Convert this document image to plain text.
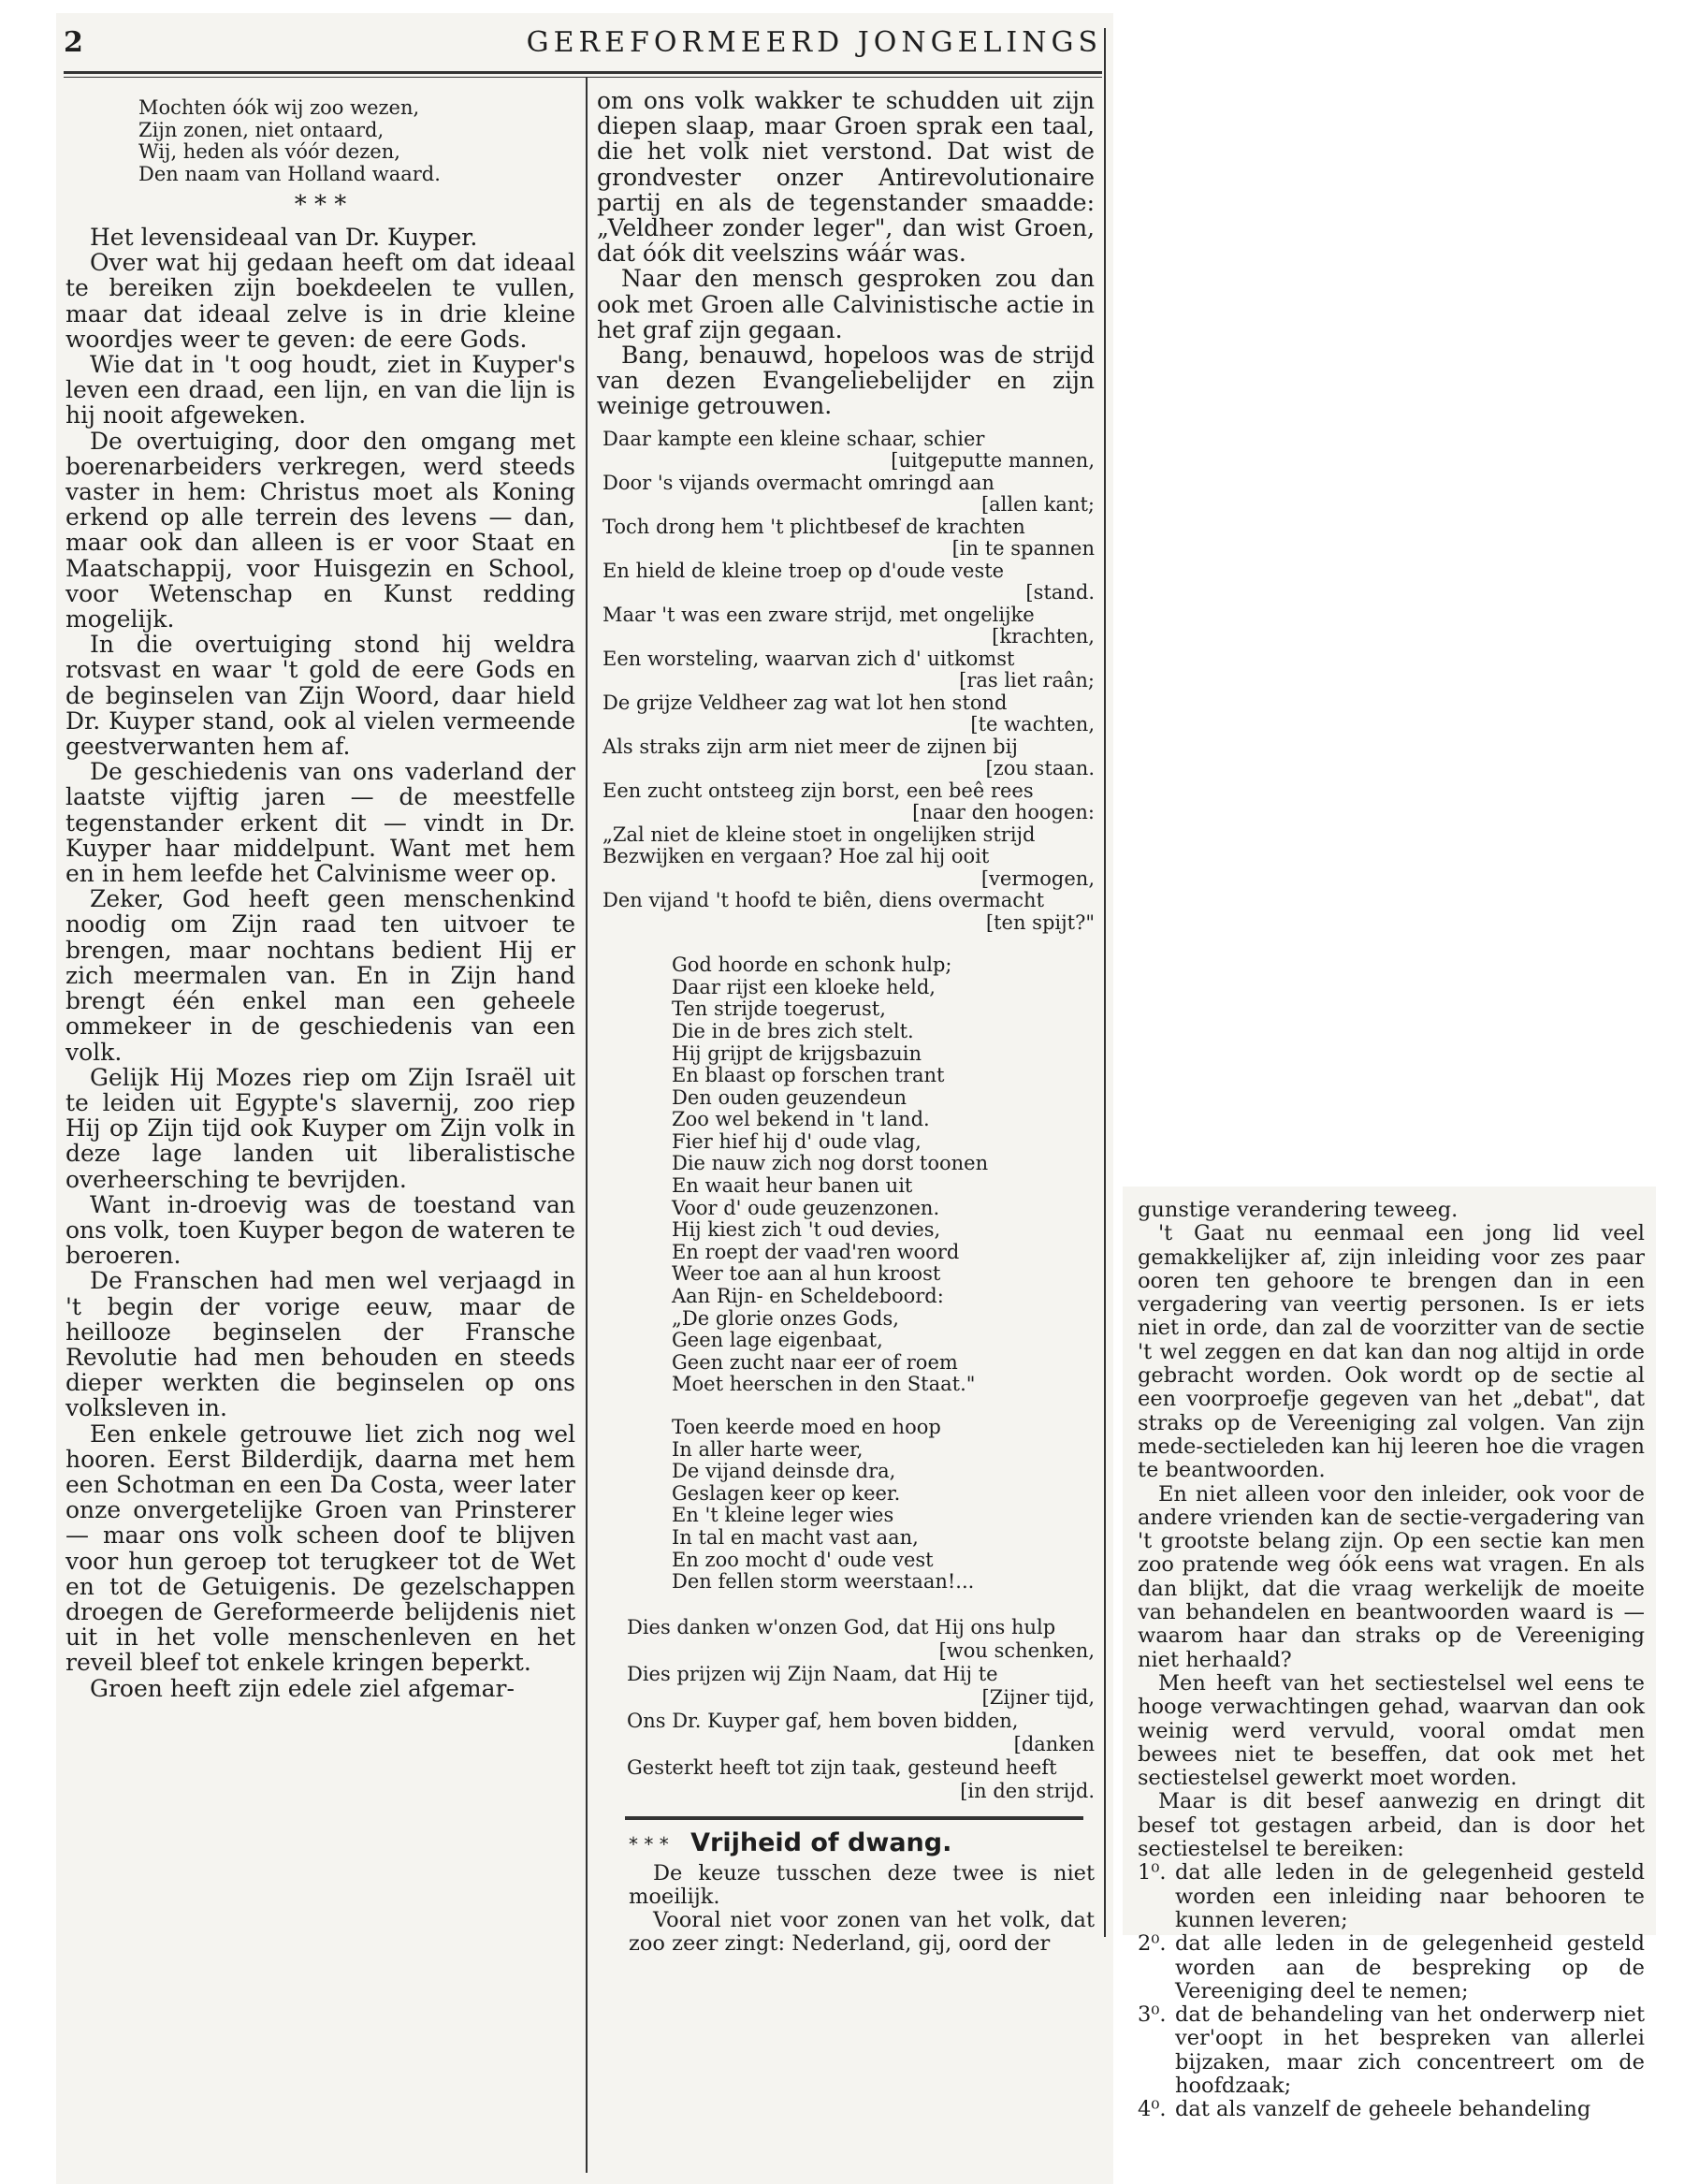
2	GEREFORMEERD JONGELINGS
Mochten óók wij zoo wezen,
Zijn zonen, niet ontaard,
Wij, heden als vóór dezen,
Den naam van Holland waard.
* * *

Het levensideaal van Dr. Kuyper.

Over wat hij gedaan heeft om dat ideaal te bereiken zijn boekdeelen te vullen, maar dat ideaal zelve is in drie kleine woordjes weer te geven: de eere Gods.

Wie dat in 't oog houdt, ziet in Kuyper's leven een draad, een lijn, en van die lijn is hij nooit afgeweken.

De overtuiging, door den omgang met boerenarbeiders verkregen, werd steeds vaster in hem: Christus moet als Koning erkend op alle terrein des levens — dan, maar ook dan alleen is er voor Staat en Maatschappij, voor Huisgezin en School, voor Wetenschap en Kunst redding mogelijk.

In die overtuiging stond hij weldra rotsvast en waar 't gold de eere Gods en de beginselen van Zijn Woord, daar hield Dr. Kuyper stand, ook al vielen vermeende geestverwanten hem af.

De geschiedenis van ons vaderland der laatste vijftig jaren — de meestfelle tegenstander erkent dit — vindt in Dr. Kuyper haar middelpunt. Want met hem en in hem leefde het Calvinisme weer op.

Zeker, God heeft geen menschenkind noodig om Zijn raad ten uitvoer te brengen, maar nochtans bedient Hij er zich meermalen van. En in Zijn hand brengt één enkel man een geheele ommekeer in de geschiedenis van een volk.

Gelijk Hij Mozes riep om Zijn Israël uit te leiden uit Egypte's slavernij, zoo riep Hij op Zijn tijd ook Kuyper om Zijn volk in deze lage landen uit liberalistische overheersching te bevrijden.

Want in-droevig was de toestand van ons volk, toen Kuyper begon de wateren te beroeren.

De Franschen had men wel verjaagd in 't begin der vorige eeuw, maar de heillooze beginselen der Fransche Revolutie had men behouden en steeds dieper werkten die beginselen op ons volksleven in.

Een enkele getrouwe liet zich nog wel hooren. Eerst Bilderdijk, daarna met hem een Schotman en een Da Costa, weer later onze onvergetelijke Groen van Prinsterer — maar ons volk scheen doof te blijven voor hun geroep tot terugkeer tot de Wet en tot de Getuigenis. De gezelschappen droegen de Gereformeerde belijdenis niet uit in het volle menschenleven en het reveil bleef tot enkele kringen beperkt.

Groen heeft zijn edele ziel afgemar-

om ons volk wakker te schudden uit zijn diepen slaap, maar Groen sprak een taal, die het volk niet verstond. Dat wist de grondvester onzer Antirevolutionaire partij en als de tegenstander smaadde: „Veldheer zonder leger", dan wist Groen, dat óók dit veelszins wáár was.

Naar den mensch gesproken zou dan ook met Groen alle Calvinistische actie in het graf zijn gegaan.

Bang, benauwd, hopeloos was de strijd van dezen Evangeliebelijder en zijn weinige getrouwen.

Daar kampte een kleine schaar, schier
[uitgeputte mannen,
Door 's vijands overmacht omringd aan
[allen kant;
Toch drong hem 't plichtbesef de krachten
[in te spannen
En hield de kleine troep op d'oude veste
[stand.
Maar 't was een zware strijd, met ongelijke
[krachten,
Een worsteling, waarvan zich d' uitkomst
[ras liet raân;
De grijze Veldheer zag wat lot hen stond
[te wachten,
Als straks zijn arm niet meer de zijnen bij
[zou staan.
Een zucht ontsteeg zijn borst, een beê rees
[naar den hoogen:
„Zal niet de kleine stoet in ongelijken strijd
Bezwijken en vergaan? Hoe zal hij ooit
[vermogen,
Den vijand 't hoofd te biên, diens overmacht
[ten spijt?"
God hoorde en schonk hulp;
Daar rijst een kloeke held,
Ten strijde toegerust,
Die in de bres zich stelt.
Hij grijpt de krijgsbazuin
En blaast op forschen trant
Den ouden geuzendeun
Zoo wel bekend in 't land.
Fier hief hij d' oude vlag,
Die nauw zich nog dorst toonen
En waait heur banen uit
Voor d' oude geuzenzonen.
Hij kiest zich 't oud devies,
En roept der vaad'ren woord
Weer toe aan al hun kroost
Aan Rijn- en Scheldeboord:
„De glorie onzes Gods,
Geen lage eigenbaat,
Geen zucht naar eer of roem
Moet heerschen in den Staat."
Toen keerde moed en hoop
In aller harte weer,
De vijand deinsde dra,
Geslagen keer op keer.
En 't kleine leger wies
In tal en macht vast aan,
En zoo mocht d' oude vest
Den fellen storm weerstaan!...
Dies danken w'onzen God, dat Hij ons hulp
[wou schenken,
Dies prijzen wij Zijn Naam, dat Hij te
[Zijner tijd,
Ons Dr. Kuyper gaf, hem boven bidden,
[danken
Gesterkt heeft tot zijn taak, gesteund heeft
[in den strijd.
* * * Vrijheid of dwang.

De keuze tusschen deze twee is niet moeilijk.

Vooral niet voor zonen van het volk, dat zoo zeer zingt: Nederland, gij, oord der

gunstige verandering teweeg.

't Gaat nu eenmaal een jong lid veel gemakkelijker af, zijn inleiding voor zes paar ooren ten gehoore te brengen dan in een vergadering van veertig personen. Is er iets niet in orde, dan zal de voorzitter van de sectie 't wel zeggen en dat kan dan nog altijd in orde gebracht worden. Ook wordt op de sectie al een voorproefje gegeven van het „debat", dat straks op de Vereeniging zal volgen. Van zijn mede-sectieleden kan hij leeren hoe die vragen te beantwoorden.

En niet alleen voor den inleider, ook voor de andere vrienden kan de sectie-vergadering van 't grootste belang zijn. Op een sectie kan men zoo pratende weg óók eens wat vragen. En als dan blijkt, dat die vraag werkelijk de moeite van behandelen en beantwoorden waard is — waarom haar dan straks op de Vereeniging niet herhaald?

Men heeft van het sectiestelsel wel eens te hooge verwachtingen gehad, waarvan dan ook weinig werd vervuld, vooral omdat men bewees niet te beseffen, dat ook met het sectiestelsel gewerkt moet worden.

Maar is dit besef aanwezig en dringt dit besef tot gestagen arbeid, dan is door het sectiestelsel te bereiken:

1⁰. dat alle leden in de gelegenheid gesteld worden een inleiding naar behooren te kunnen leveren;
2⁰. dat alle leden in de gelegenheid gesteld worden aan de bespreking op de Vereeniging deel te nemen;
3⁰. dat de behandeling van het onderwerp niet ver'oopt in het bespreken van allerlei bijzaken, maar zich concentreert om de hoofdzaak;
4⁰. dat als vanzelf de geheele behandeling
